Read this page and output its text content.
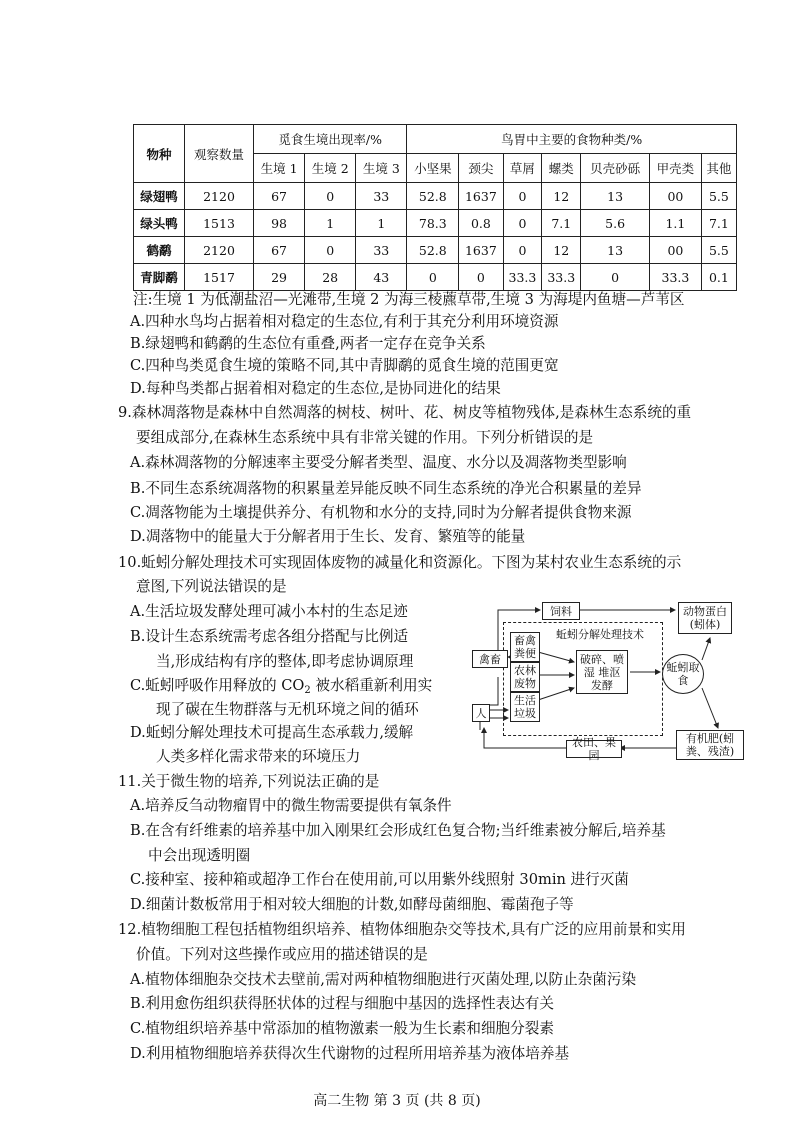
物种	观察数量	觅食生境出现率/%			鸟胃中主要的食物种类/%						
		生境 1	生境 2	生境 3	小坚果	颈尖	草屑	螺类	贝壳砂砾	甲壳类	其他
绿翅鸭	2120	67	0	33	52.8	1637	0	12	13	00	5.5
绿头鸭	1513	98	1	1	78.3	0.8	0	7.1	5.6	1.1	7.1
鹤鹬	2120	67	0	33	52.8	1637	0	12	13	00	5.5
青脚鹬	1517	29	28	43	0	0	33.3	33.3	0	33.3	0.1
注:生境 1 为低潮盐沼—光滩带,生境 2 为海三棱藨草带,生境 3 为海堤内鱼塘—芦苇区
A.四种水鸟均占据着相对稳定的生态位,有利于其充分利用环境资源
B.绿翅鸭和鹤鹬的生态位有重叠,两者一定存在竞争关系
C.四种鸟类觅食生境的策略不同,其中青脚鹬的觅食生境的范围更宽
D.每种鸟类都占据着相对稳定的生态位,是协同进化的结果
9.森林凋落物是森林中自然凋落的树枝、树叶、花、树皮等植物残体,是森林生态系统的重
要组成部分,在森林生态系统中具有非常关键的作用。下列分析错误的是
A.森林凋落物的分解速率主要受分解者类型、温度、水分以及凋落物类型影响
B.不同生态系统凋落物的积累量差异能反映不同生态系统的净光合积累量的差异
C.凋落物能为土壤提供养分、有机物和水分的支持,同时为分解者提供食物来源
D.凋落物中的能量大于分解者用于生长、发育、繁殖等的能量
10.蚯蚓分解处理技术可实现固体废物的减量化和资源化。下图为某村农业生态系统的示
意图,下列说法错误的是
A.生活垃圾发酵处理可减小本村的生态足迹
B.设计生态系统需考虑各组分搭配与比例适
当,形成结构有序的整体,即考虑协调原理
C.蚯蚓呼吸作用释放的 $CO_2$ 被水稻重新利用实
现了碳在生物群落与无机环境之间的循环
D.蚯蚓分解处理技术可提高生态承载力,缓解
人类多样化需求带来的环境压力
饲料	动物蛋白(蚓体)
蚯蚓分解处理技术
禽畜
畜禽粪便
农林废物
生活垃圾
人
破碎、喷湿 堆沤 发酵
蚯蚓取食
有机肥(蚓粪、残渣)
农田、果园
11.关于微生物的培养,下列说法正确的是
A.培养反刍动物瘤胃中的微生物需要提供有氧条件
B.在含有纤维素的培养基中加入刚果红会形成红色复合物;当纤维素被分解后,培养基
中会出现透明圈
C.接种室、接种箱或超净工作台在使用前,可以用紫外线照射 30min 进行灭菌
D.细菌计数板常用于相对较大细胞的计数,如酵母菌细胞、霉菌孢子等
12.植物细胞工程包括植物组织培养、植物体细胞杂交等技术,具有广泛的应用前景和实用
价值。下列对这些操作或应用的描述错误的是
A.植物体细胞杂交技术去壁前,需对两种植物细胞进行灭菌处理,以防止杂菌污染
B.利用愈伤组织获得胚状体的过程与细胞中基因的选择性表达有关
C.植物组织培养基中常添加的植物激素一般为生长素和细胞分裂素
D.利用植物细胞培养获得次生代谢物的过程所用培养基为液体培养基
高二生物 第 3 页 (共 8 页)
